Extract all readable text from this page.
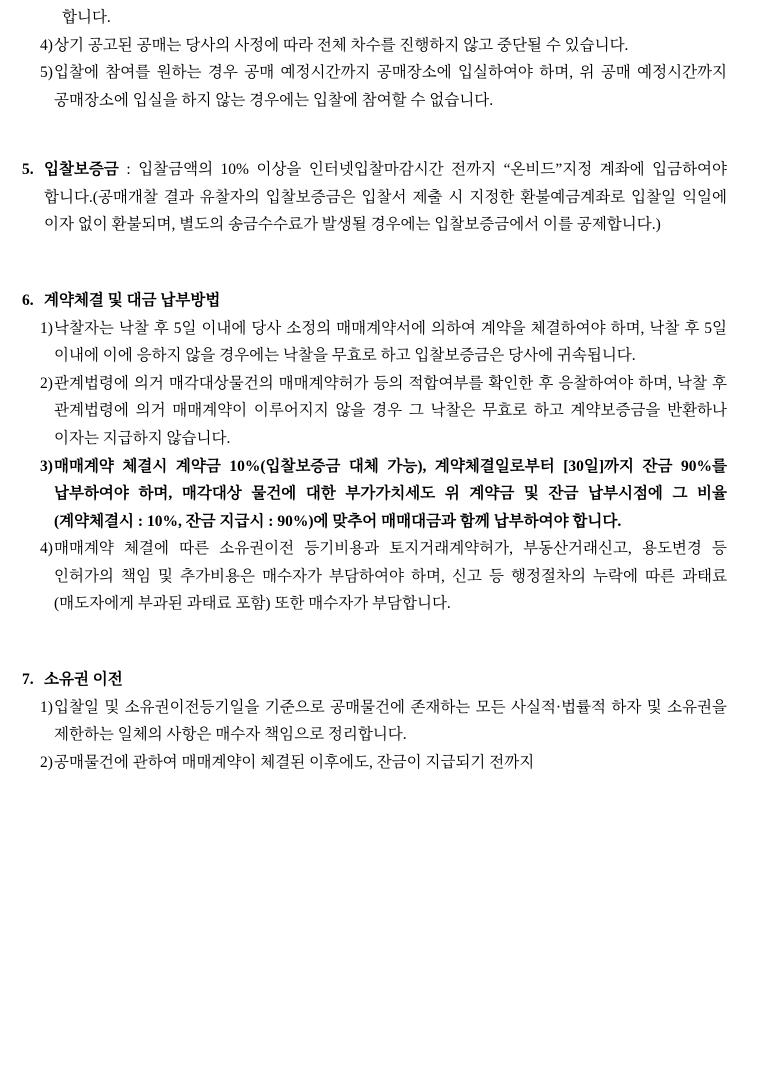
합니다.

4) 상기 공고된 공매는 당사의 사정에 따라 전체 차수를 진행하지 않고 중단될 수 있습니다.
5) 입찰에 참여를 원하는 경우 공매 예정시간까지 공매장소에 입실하여야 하며, 위 공매 예정시간까지 공매장소에 입실을 하지 않는 경우에는 입찰에 참여할 수 없습니다.
5. 입찰보증금 : 입찰금액의 10% 이상을 인터넷입찰마감시간 전까지 “온비드”지정 계좌에 입금하여야 합니다.(공매개찰 결과 유찰자의 입찰보증금은 입찰서 제출 시 지정한 환불예금계좌로 입찰일 익일에 이자 없이 환불되며, 별도의 송금수수료가 발생될 경우에는 입찰보증금에서 이를 공제합니다.)
6. 계약체결 및 대금 납부방법
1) 낙찰자는 낙찰 후 5일 이내에 당사 소정의 매매계약서에 의하여 계약을 체결하여야 하며, 낙찰 후 5일 이내에 이에 응하지 않을 경우에는 낙찰을 무효로 하고 입찰보증금은 당사에 귀속됩니다.
2) 관계법령에 의거 매각대상물건의 매매계약허가 등의 적합여부를 확인한 후 응찰하여야 하며, 낙찰 후 관계법령에 의거 매매계약이 이루어지지 않을 경우 그 낙찰은 무효로 하고 계약보증금을 반환하나 이자는 지급하지 않습니다.
3) 매매계약 체결시 계약금 10%(입찰보증금 대체 가능), 계약체결일로부터 [30일]까지 잔금 90%를 납부하여야 하며, 매각대상 물건에 대한 부가가치세도 위 계약금 및 잔금 납부시점에 그 비율(계약체결시 : 10%, 잔금 지급시 : 90%)에 맞추어 매매대금과 함께 납부하여야 합니다.
4) 매매계약 체결에 따른 소유권이전 등기비용과 토지거래계약허가, 부동산거래신고, 용도변경 등 인허가의 책임 및 추가비용은 매수자가 부담하여야 하며, 신고 등 행정절차의 누락에 따른 과태료(매도자에게 부과된 과태료 포함) 또한 매수자가 부담합니다.
7. 소유권 이전
1) 입찰일 및 소유권이전등기일을 기준으로 공매물건에 존재하는 모든 사실적·법률적 하자 및 소유권을 제한하는 일체의 사항은 매수자 책임으로 정리합니다.
2) 공매물건에 관하여 매매계약이 체결된 이후에도, 잔금이 지급되기 전까지
